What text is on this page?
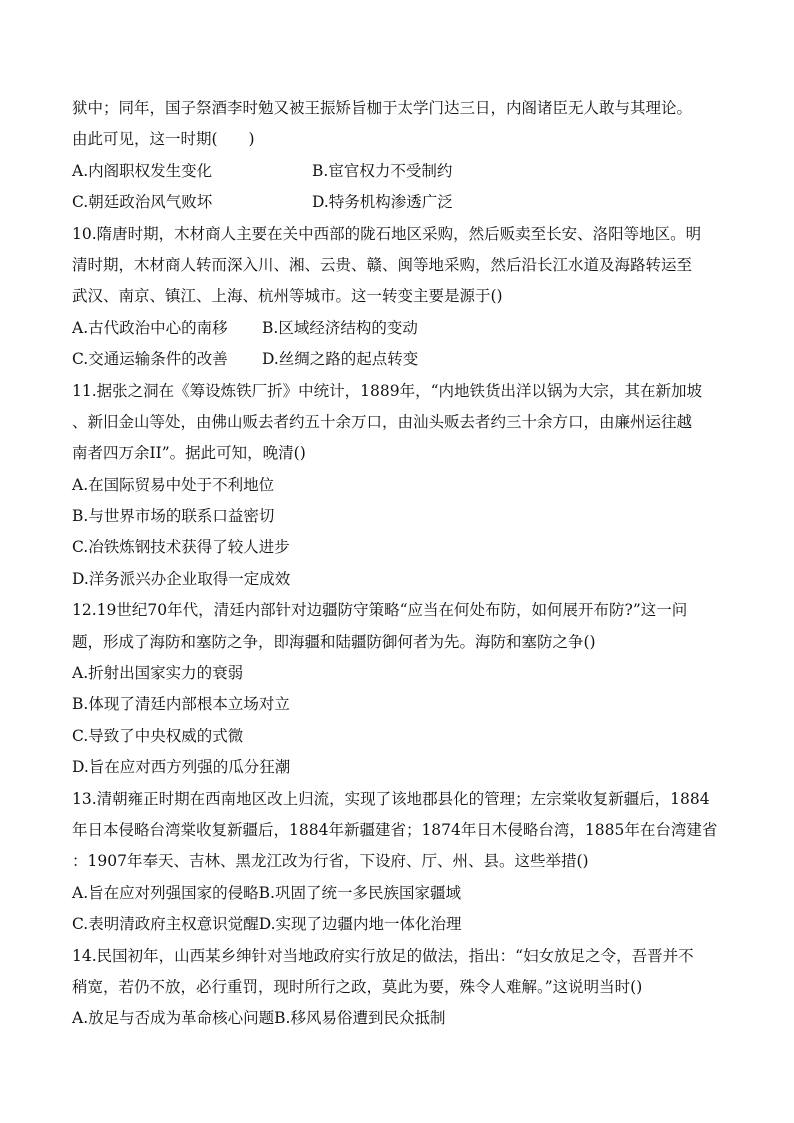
狱中；同年，国子祭酒李时勉又被王振矫旨枷于太学门达三日，内阁诸臣无人敢与其理论。
由此可见，这一时期(　　)
A.内阁职权发生变化	B.宦官权力不受制约
C.朝廷政治风气败坏	D.特务机构渗透广泛
10.隋唐时期，木材商人主要在关中西部的陇石地区采购，然后贩卖至长安、洛阳等地区。明
清时期，木材商人转而深入川、湘、云贵、赣、闽等地采购，然后沿长江水道及海路转运至
武汉、南京、镇江、上海、杭州等城市。这一转变主要是源于()
A.古代政治中心的南移	B.区域经济结构的变动
C.交通运输条件的改善	D.丝绸之路的起点转变
11.据张之洞在《筹设炼铁厂折》中统计，1889年，“内地铁货出洋以锅为大宗，其在新加坡
、新旧金山等处，由佛山贩去者约五十余万口，由汕头贩去者约三十余方口，由廉州运往越
南者四万余II”。据此可知，晚清()
A.在国际贸易中处于不利地位
B.与世界市场的联系口益密切
C.冶铁炼钢技术获得了较人进步
D.洋务派兴办企业取得一定成效
12.19世纪70年代，清廷内部针对边疆防守策略“应当在何处布防，如何展开布防?”这一问
题，形成了海防和塞防之争，即海疆和陆疆防御何者为先。海防和塞防之争()
A.折射出国家实力的衰弱
B.体现了清廷内部根本立场对立
C.导致了中央权威的式微
D.旨在应对西方列强的瓜分狂潮
13.清朝雍正时期在西南地区改上归流，实现了该地郡县化的管理；左宗棠收复新疆后，1884
年日本侵略台湾棠收复新疆后，1884年新疆建省；1874年日木侵略台湾，1885年在台湾建省
：1907年奉天、吉林、黑龙江改为行省，下设府、厅、州、县。这些举措()
A.旨在应对列强国家的侵略B.巩固了统一多民族国家疆域
C.表明清政府主权意识觉醒D.实现了边疆内地一体化治理
14.民国初年，山西某乡绅针对当地政府实行放足的做法，指出：“妇女放足之令，吾晋并不
稍宽，若仍不放，必行重罚，现时所行之政，莫此为要，殊令人难解。”这说明当时()
A.放足与否成为革命核心问题B.移风易俗遭到民众抵制
